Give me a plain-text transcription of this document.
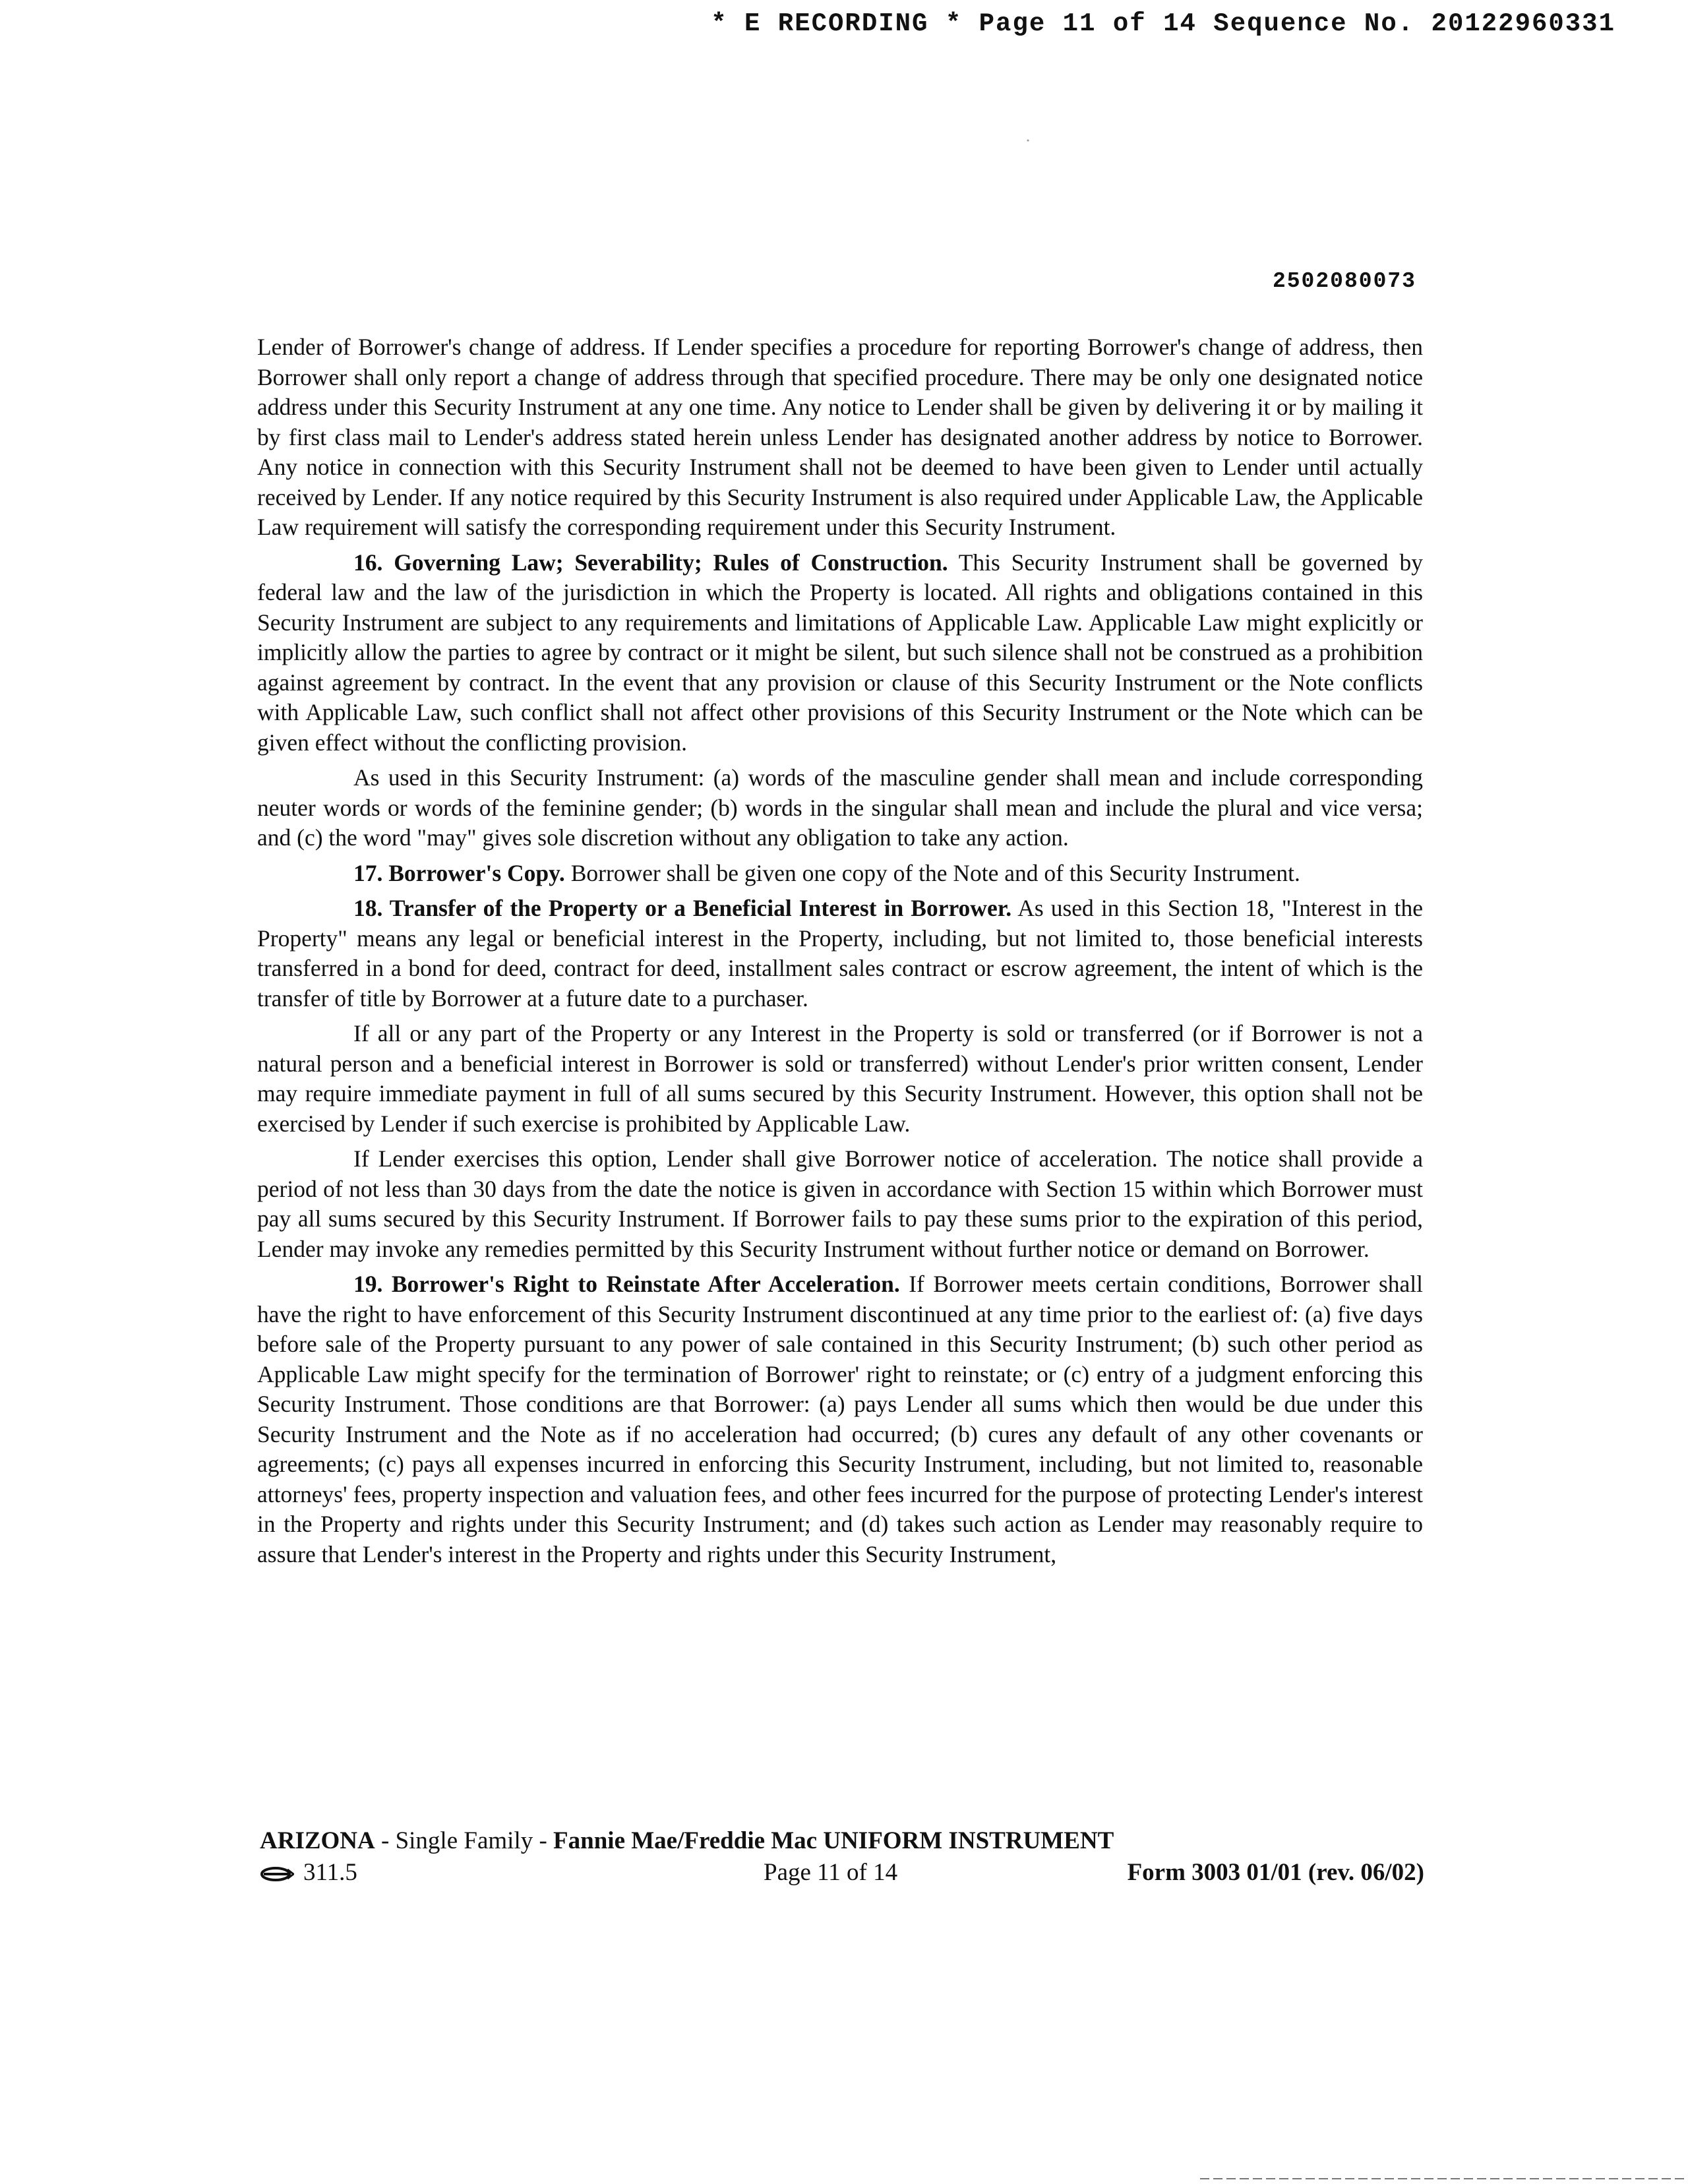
* E RECORDING * Page 11 of 14 Sequence No. 20122960331
2502080073

Lender of Borrower's change of address. If Lender specifies a procedure for reporting Borrower's change of address, then Borrower shall only report a change of address through that specified procedure. There may be only one designated notice address under this Security Instrument at any one time. Any notice to Lender shall be given by delivering it or by mailing it by first class mail to Lender's address stated herein unless Lender has designated another address by notice to Borrower. Any notice in connection with this Security Instrument shall not be deemed to have been given to Lender until actually received by Lender. If any notice required by this Security Instrument is also required under Applicable Law, the Applicable Law requirement will satisfy the corresponding requirement under this Security Instrument.

16. Governing Law; Severability; Rules of Construction. This Security Instrument shall be governed by federal law and the law of the jurisdiction in which the Property is located. All rights and obligations contained in this Security Instrument are subject to any requirements and limitations of Applicable Law. Applicable Law might explicitly or implicitly allow the parties to agree by contract or it might be silent, but such silence shall not be construed as a prohibition against agreement by contract. In the event that any provision or clause of this Security Instrument or the Note conflicts with Applicable Law, such conflict shall not affect other provisions of this Security Instrument or the Note which can be given effect without the conflicting provision.

As used in this Security Instrument: (a) words of the masculine gender shall mean and include corresponding neuter words or words of the feminine gender; (b) words in the singular shall mean and include the plural and vice versa; and (c) the word "may" gives sole discretion without any obligation to take any action.

17. Borrower's Copy. Borrower shall be given one copy of the Note and of this Security Instrument.

18. Transfer of the Property or a Beneficial Interest in Borrower. As used in this Section 18, "Interest in the Property" means any legal or beneficial interest in the Property, including, but not limited to, those beneficial interests transferred in a bond for deed, contract for deed, installment sales contract or escrow agreement, the intent of which is the transfer of title by Borrower at a future date to a purchaser.

If all or any part of the Property or any Interest in the Property is sold or transferred (or if Borrower is not a natural person and a beneficial interest in Borrower is sold or transferred) without Lender's prior written consent, Lender may require immediate payment in full of all sums secured by this Security Instrument. However, this option shall not be exercised by Lender if such exercise is prohibited by Applicable Law.

If Lender exercises this option, Lender shall give Borrower notice of acceleration. The notice shall provide a period of not less than 30 days from the date the notice is given in accordance with Section 15 within which Borrower must pay all sums secured by this Security Instrument. If Borrower fails to pay these sums prior to the expiration of this period, Lender may invoke any remedies permitted by this Security Instrument without further notice or demand on Borrower.

19. Borrower's Right to Reinstate After Acceleration. If Borrower meets certain conditions, Borrower shall have the right to have enforcement of this Security Instrument discontinued at any time prior to the earliest of: (a) five days before sale of the Property pursuant to any power of sale contained in this Security Instrument; (b) such other period as Applicable Law might specify for the termination of Borrower' right to reinstate; or (c) entry of a judgment enforcing this Security Instrument. Those conditions are that Borrower: (a) pays Lender all sums which then would be due under this Security Instrument and the Note as if no acceleration had occurred; (b) cures any default of any other covenants or agreements; (c) pays all expenses incurred in enforcing this Security Instrument, including, but not limited to, reasonable attorneys' fees, property inspection and valuation fees, and other fees incurred for the purpose of protecting Lender's interest in the Property and rights under this Security Instrument; and (d) takes such action as Lender may reasonably require to assure that Lender's interest in the Property and rights under this Security Instrument,

ARIZONA - Single Family - Fannie Mae/Freddie Mac UNIFORM INSTRUMENT
311.5	Page 11 of 14	Form 3003 01/01 (rev. 06/02)
